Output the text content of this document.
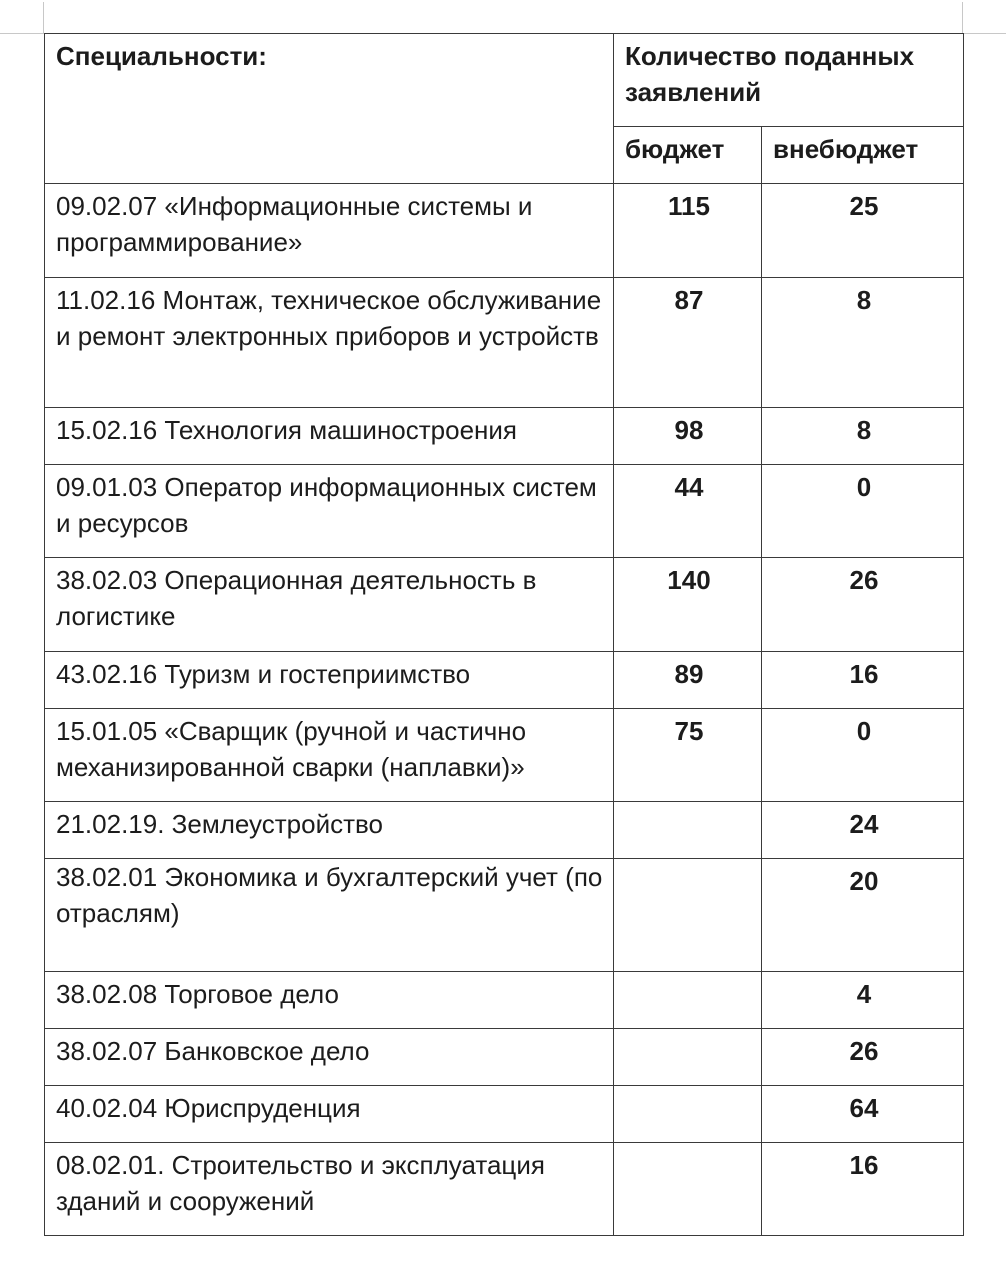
Специальности:	Количество поданных заявлений	
	бюджет	внебюджет
09.02.07 «Информационные системы и программирование»	115	25
11.02.16 Монтаж, техническое обслуживание и ремонт электронных приборов и устройств	87	8
15.02.16 Технология машиностроения	98	8
09.01.03 Оператор информационных систем и ресурсов	44	0
38.02.03 Операционная деятельность в логистике	140	26
43.02.16 Туризм и гостеприимство	89	16
15.01.05 «Сварщик (ручной и частично механизированной сварки (наплавки)»	75	0
21.02.19. Землеустройство		24
38.02.01 Экономика и бухгалтерский учет (по отраслям)		20
38.02.08 Торговое дело		4
38.02.07 Банковское дело		26
40.02.04 Юриспруденция		64
08.02.01. Строительство и эксплуатация зданий и сооружений		16
